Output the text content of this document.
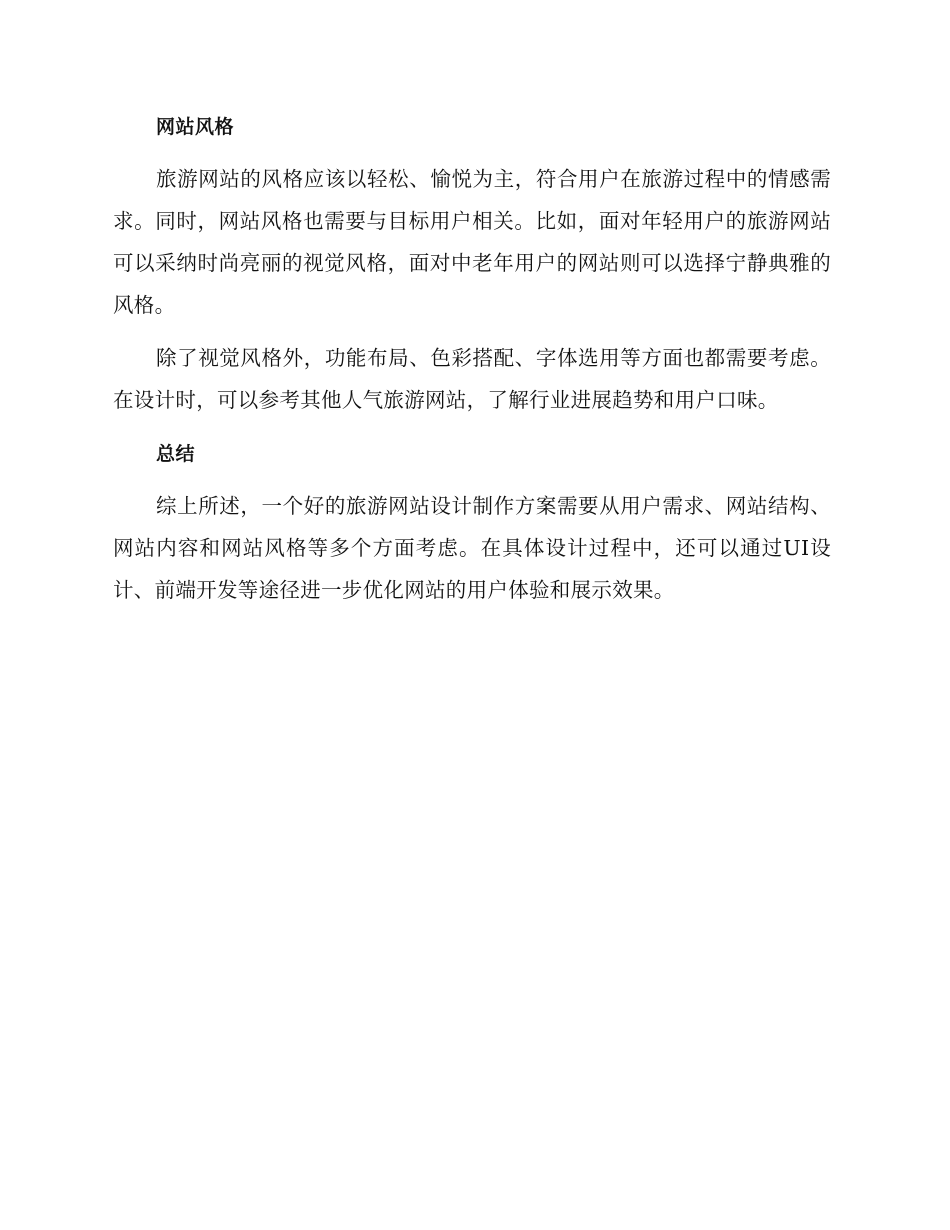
网站风格

旅游网站的风格应该以轻松、愉悦为主，符合用户在旅游过程中的情感需求。同时，网站风格也需要与目标用户相关。比如，面对年轻用户的旅游网站可以采纳时尚亮丽的视觉风格，面对中老年用户的网站则可以选择宁静典雅的风格。

除了视觉风格外，功能布局、色彩搭配、字体选用等方面也都需要考虑。在设计时，可以参考其他人气旅游网站，了解行业进展趋势和用户口味。

总结

综上所述，一个好的旅游网站设计制作方案需要从用户需求、网站结构、网站内容和网站风格等多个方面考虑。在具体设计过程中，还可以通过UI设计、前端开发等途径进一步优化网站的用户体验和展示效果。
